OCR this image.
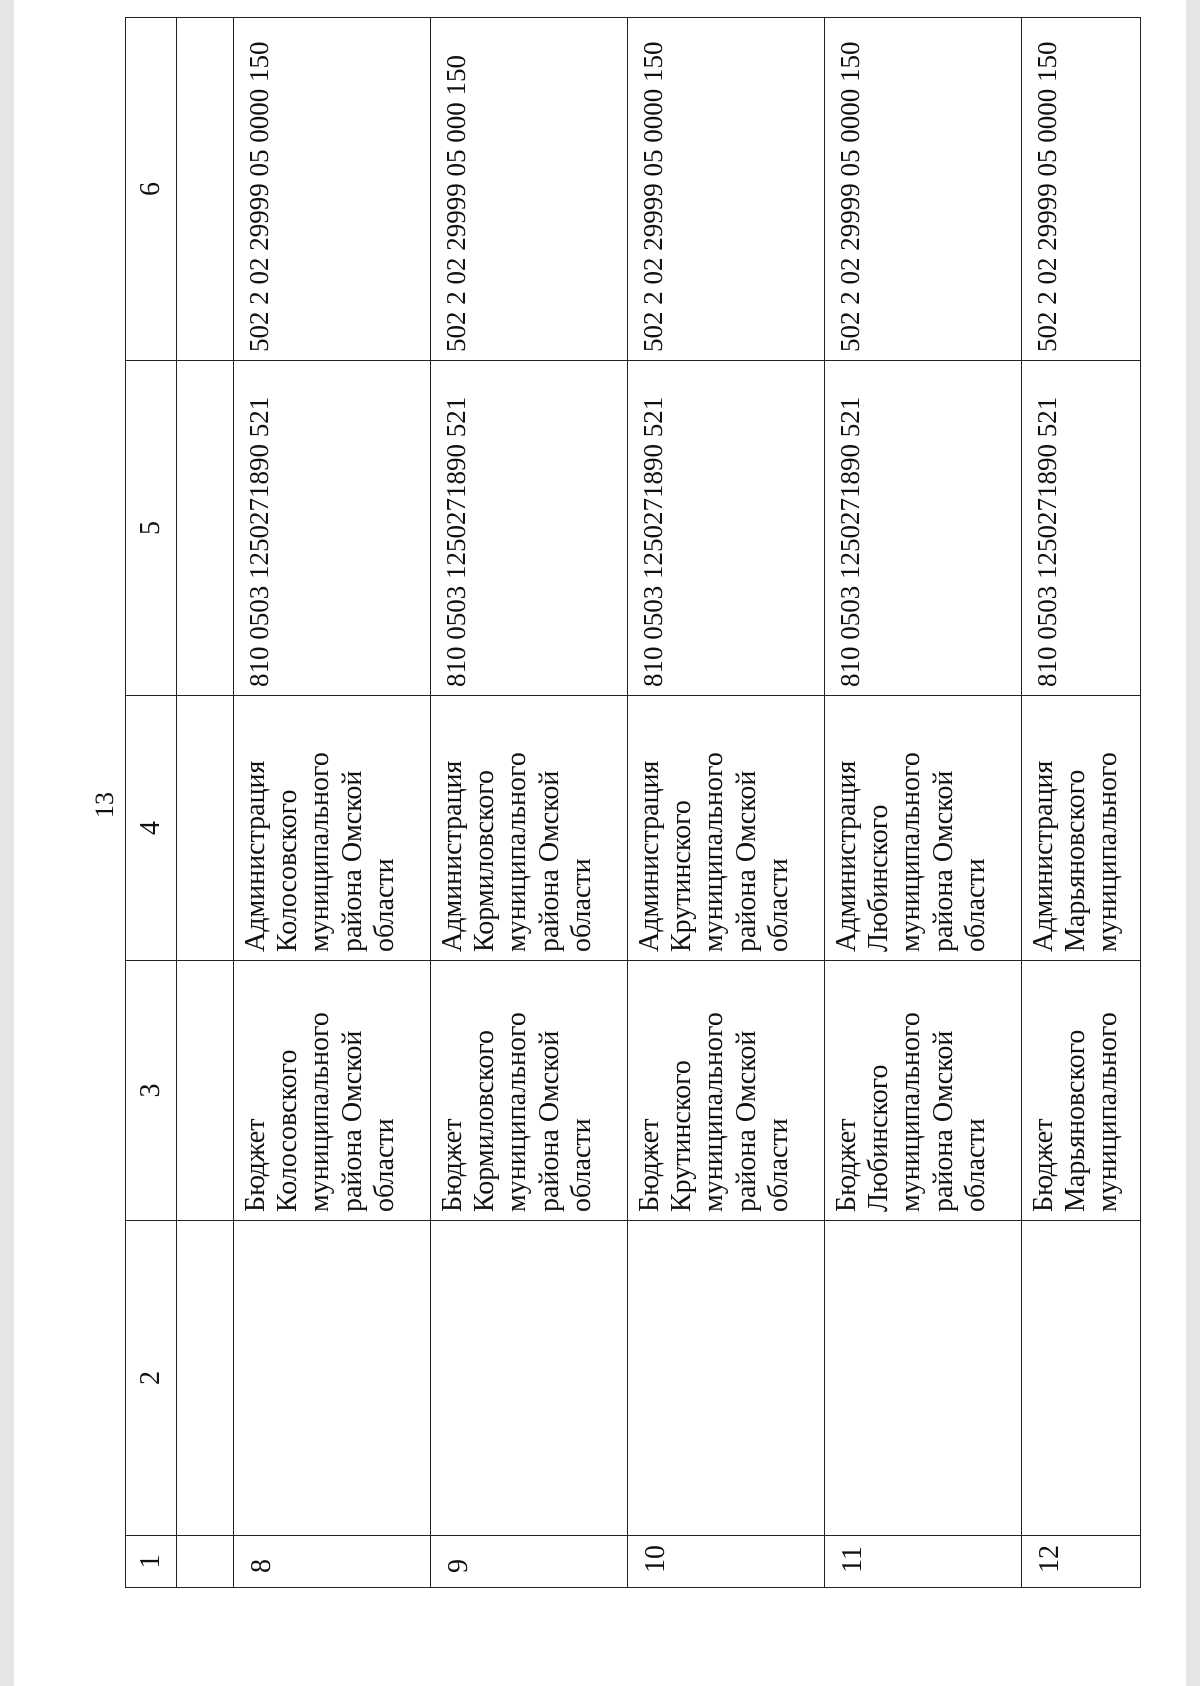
13
1	2	3	4	5	6

8		Бюджет Колосовского муниципального района Омской области	Администрация Колосовского муниципального района Омской области	810 0503 1250271890 521	502 2 02 29999 05 0000 150
9		Бюджет Кормиловского муниципального района Омской области	Администрация Кормиловского муниципального района Омской области	810 0503 1250271890 521	502 2 02 29999 05 000 150
10		Бюджет Крутинского муниципального района Омской области	Администрация Крутинского муниципального района Омской области	810 0503 1250271890 521	502 2 02 29999 05 0000 150
11		Бюджет Любинского муниципального района Омской области	Администрация Любинского муниципального района Омской области	810 0503 1250271890 521	502 2 02 29999 05 0000 150
12		Бюджет Марьяновского муниципального	Администрация Марьяновского муниципального	810 0503 1250271890 521	502 2 02 29999 05 0000 150
